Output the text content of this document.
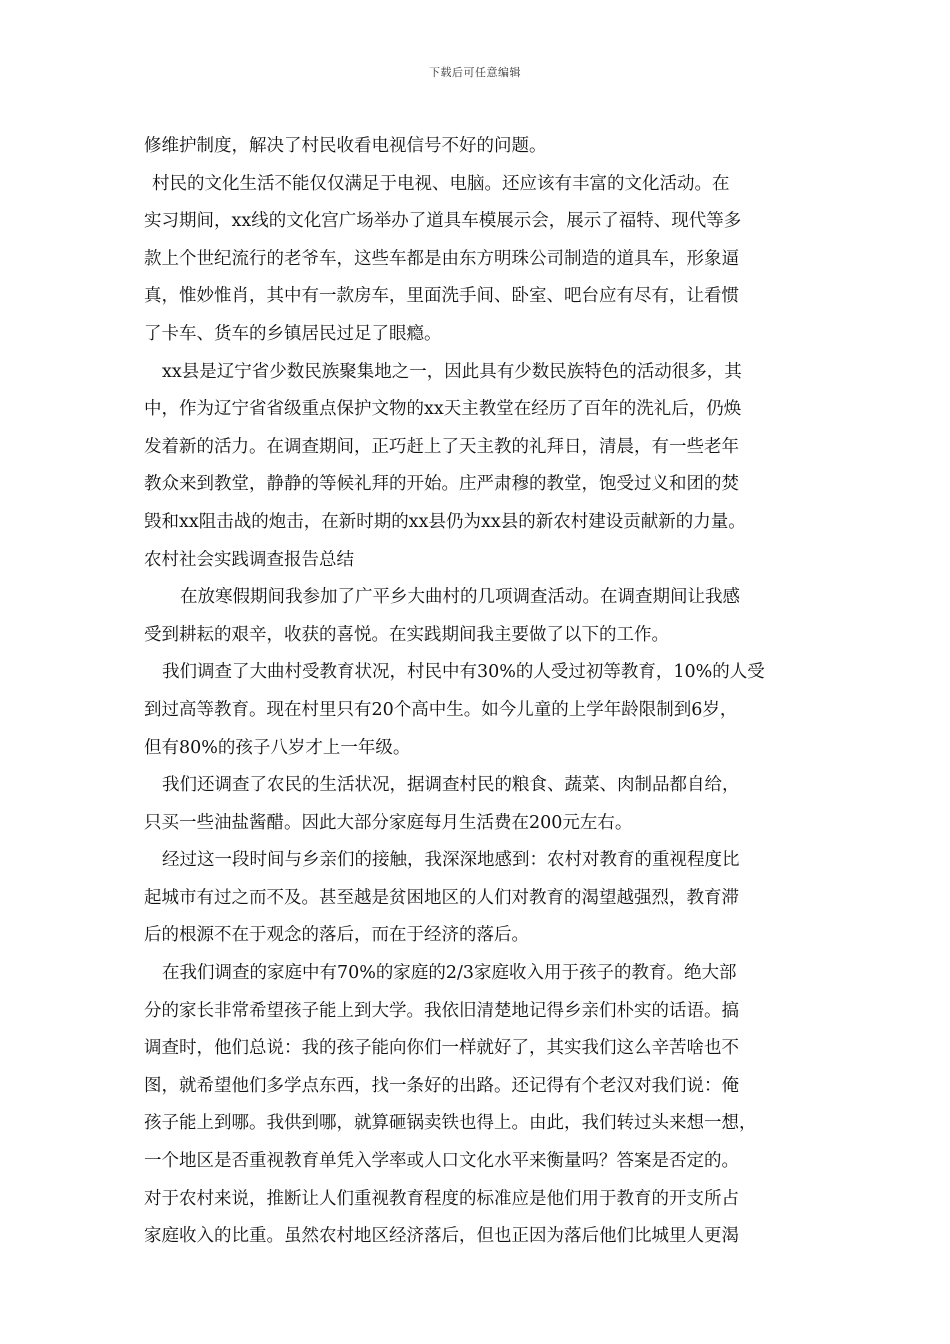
下载后可任意编辑
修维护制度，解决了村民收看电视信号不好的问题。
村民的文化生活不能仅仅满足于电视、电脑。还应该有丰富的文化活动。在
实习期间，xx线的文化宫广场举办了道具车模展示会，展示了福特、现代等多
款上个世纪流行的老爷车，这些车都是由东方明珠公司制造的道具车，形象逼
真，惟妙惟肖，其中有一款房车，里面洗手间、卧室、吧台应有尽有，让看惯
了卡车、货车的乡镇居民过足了眼瘾。
xx县是辽宁省少数民族聚集地之一，因此具有少数民族特色的活动很多，其
中，作为辽宁省省级重点保护文物的xx天主教堂在经历了百年的洗礼后，仍焕
发着新的活力。在调查期间，正巧赶上了天主教的礼拜日，清晨，有一些老年
教众来到教堂，静静的等候礼拜的开始。庄严肃穆的教堂，饱受过义和团的焚
毁和xx阻击战的炮击，在新时期的xx县仍为xx县的新农村建设贡献新的力量。
农村社会实践调查报告总结
在放寒假期间我参加了广平乡大曲村的几项调查活动。在调查期间让我感
受到耕耘的艰辛，收获的喜悦。在实践期间我主要做了以下的工作。
我们调查了大曲村受教育状况，村民中有30%的人受过初等教育，10%的人受
到过高等教育。现在村里只有20个高中生。如今儿童的上学年龄限制到6岁，
但有80%的孩子八岁才上一年级。
我们还调查了农民的生活状况，据调查村民的粮食、蔬菜、肉制品都自给，
只买一些油盐酱醋。因此大部分家庭每月生活费在200元左右。
经过这一段时间与乡亲们的接触，我深深地感到：农村对教育的重视程度比
起城市有过之而不及。甚至越是贫困地区的人们对教育的渴望越强烈，教育滞
后的根源不在于观念的落后，而在于经济的落后。
在我们调查的家庭中有70%的家庭的2/3家庭收入用于孩子的教育。绝大部
分的家长非常希望孩子能上到大学。我依旧清楚地记得乡亲们朴实的话语。搞
调查时，他们总说：我的孩子能向你们一样就好了，其实我们这么辛苦啥也不
图，就希望他们多学点东西，找一条好的出路。还记得有个老汉对我们说：俺
孩子能上到哪。我供到哪，就算砸锅卖铁也得上。由此，我们转过头来想一想，
一个地区是否重视教育单凭入学率或人口文化水平来衡量吗？答案是否定的。
对于农村来说，推断让人们重视教育程度的标准应是他们用于教育的开支所占
家庭收入的比重。虽然农村地区经济落后，但也正因为落后他们比城里人更渴
